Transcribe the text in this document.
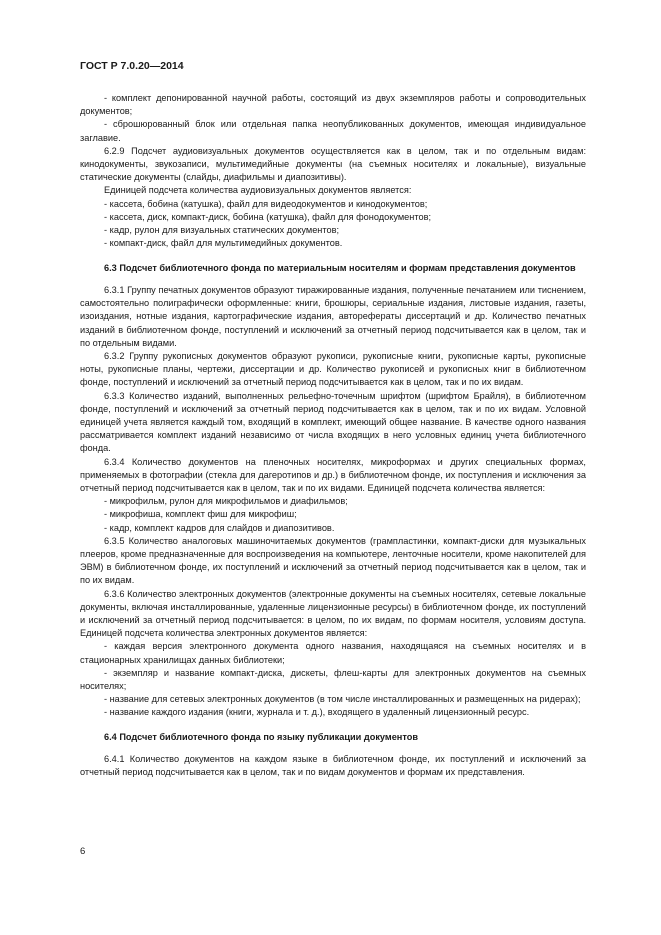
ГОСТ Р 7.0.20—2014

- комплект депонированной научной работы, состоящий из двух экземпляров работы и сопроводительных документов;

- сброшюрованный блок или отдельная папка неопубликованных документов, имеющая индивидуальное заглавие.

6.2.9 Подсчет аудиовизуальных документов осуществляется как в целом, так и по отдельным видам: кинодокументы, звукозаписи, мультимедийные документы (на съемных носителях и локальные), визуальные статические документы (слайды, диафильмы и диапозитивы).

Единицей подсчета количества аудиовизуальных документов является:

- кассета, бобина (катушка), файл для видеодокументов и кинодокументов;

- кассета, диск, компакт-диск, бобина (катушка), файл для фонодокументов;

- кадр, рулон для визуальных статических документов;

- компакт-диск, файл для мультимедийных документов.

6.3 Подсчет библиотечного фонда по материальным носителям и формам представления документов

6.3.1 Группу печатных документов образуют тиражированные издания, полученные печатанием или тиснением, самостоятельно полиграфически оформленные: книги, брошюры, сериальные издания, листовые издания, газеты, изоиздания, нотные издания, картографические издания, авторефераты диссертаций и др. Количество печатных изданий в библиотечном фонде, поступлений и исключений за отчетный период подсчитывается как в целом, так и по отдельным видами.

6.3.2 Группу рукописных документов образуют рукописи, рукописные книги, рукописные карты, рукописные ноты, рукописные планы, чертежи, диссертации и др. Количество рукописей и рукописных книг в библиотечном фонде, поступлений и исключений за отчетный период подсчитывается как в целом, так и по их видам.

6.3.3 Количество изданий, выполненных рельефно-точечным шрифтом (шрифтом Брайля), в библиотечном фонде, поступлений и исключений за отчетный период подсчитывается как в целом, так и по их видам. Условной единицей учета является каждый том, входящий в комплект, имеющий общее название. В качестве одного названия рассматривается комплект изданий независимо от числа входящих в него условных единиц учета библиотечного фонда.

6.3.4 Количество документов на пленочных носителях, микроформах и других специальных формах, применяемых в фотографии (стекла для дагеротипов и др.) в библиотечном фонде, их поступления и исключения за отчетный период подсчитывается как в целом, так и по их видами. Единицей подсчета количества является:

- микрофильм, рулон для микрофильмов и диафильмов;

- микрофиша, комплект фиш для микрофиш;

- кадр, комплект кадров для слайдов и диапозитивов.

6.3.5 Количество аналоговых машиночитаемых документов (грампластинки, компакт-диски для музыкальных плееров, кроме предназначенные для воспроизведения на компьютере, ленточные носители, кроме накопителей для ЭВМ) в библиотечном фонде, их поступлений и исключений за отчетный период подсчитывается как в целом, так и по их видам.

6.3.6 Количество электронных документов (электронные документы на съемных носителях, сетевые локальные документы, включая инсталлированные, удаленные лицензионные ресурсы) в библиотечном фонде, их поступлений и исключений за отчетный период подсчитывается: в целом, по их видам, по формам носителя, условиям доступа. Единицей подсчета количества электронных документов является:

- каждая версия электронного документа одного названия, находящаяся на съемных носителях и в стационарных хранилищах данных библиотеки;

- экземпляр и название компакт-диска, дискеты, флеш-карты для электронных документов на съемных носителях;

- название для сетевых электронных документов (в том числе инсталлированных и размещенных на ридерах);

- название каждого издания (книги, журнала и т. д.), входящего в удаленный лицензионный ресурс.

6.4 Подсчет библиотечного фонда по языку публикации документов

6.4.1 Количество документов на каждом языке в библиотечном фонде, их поступлений и исключений за отчетный период подсчитывается как в целом, так и по видам документов и формам их представления.

6
